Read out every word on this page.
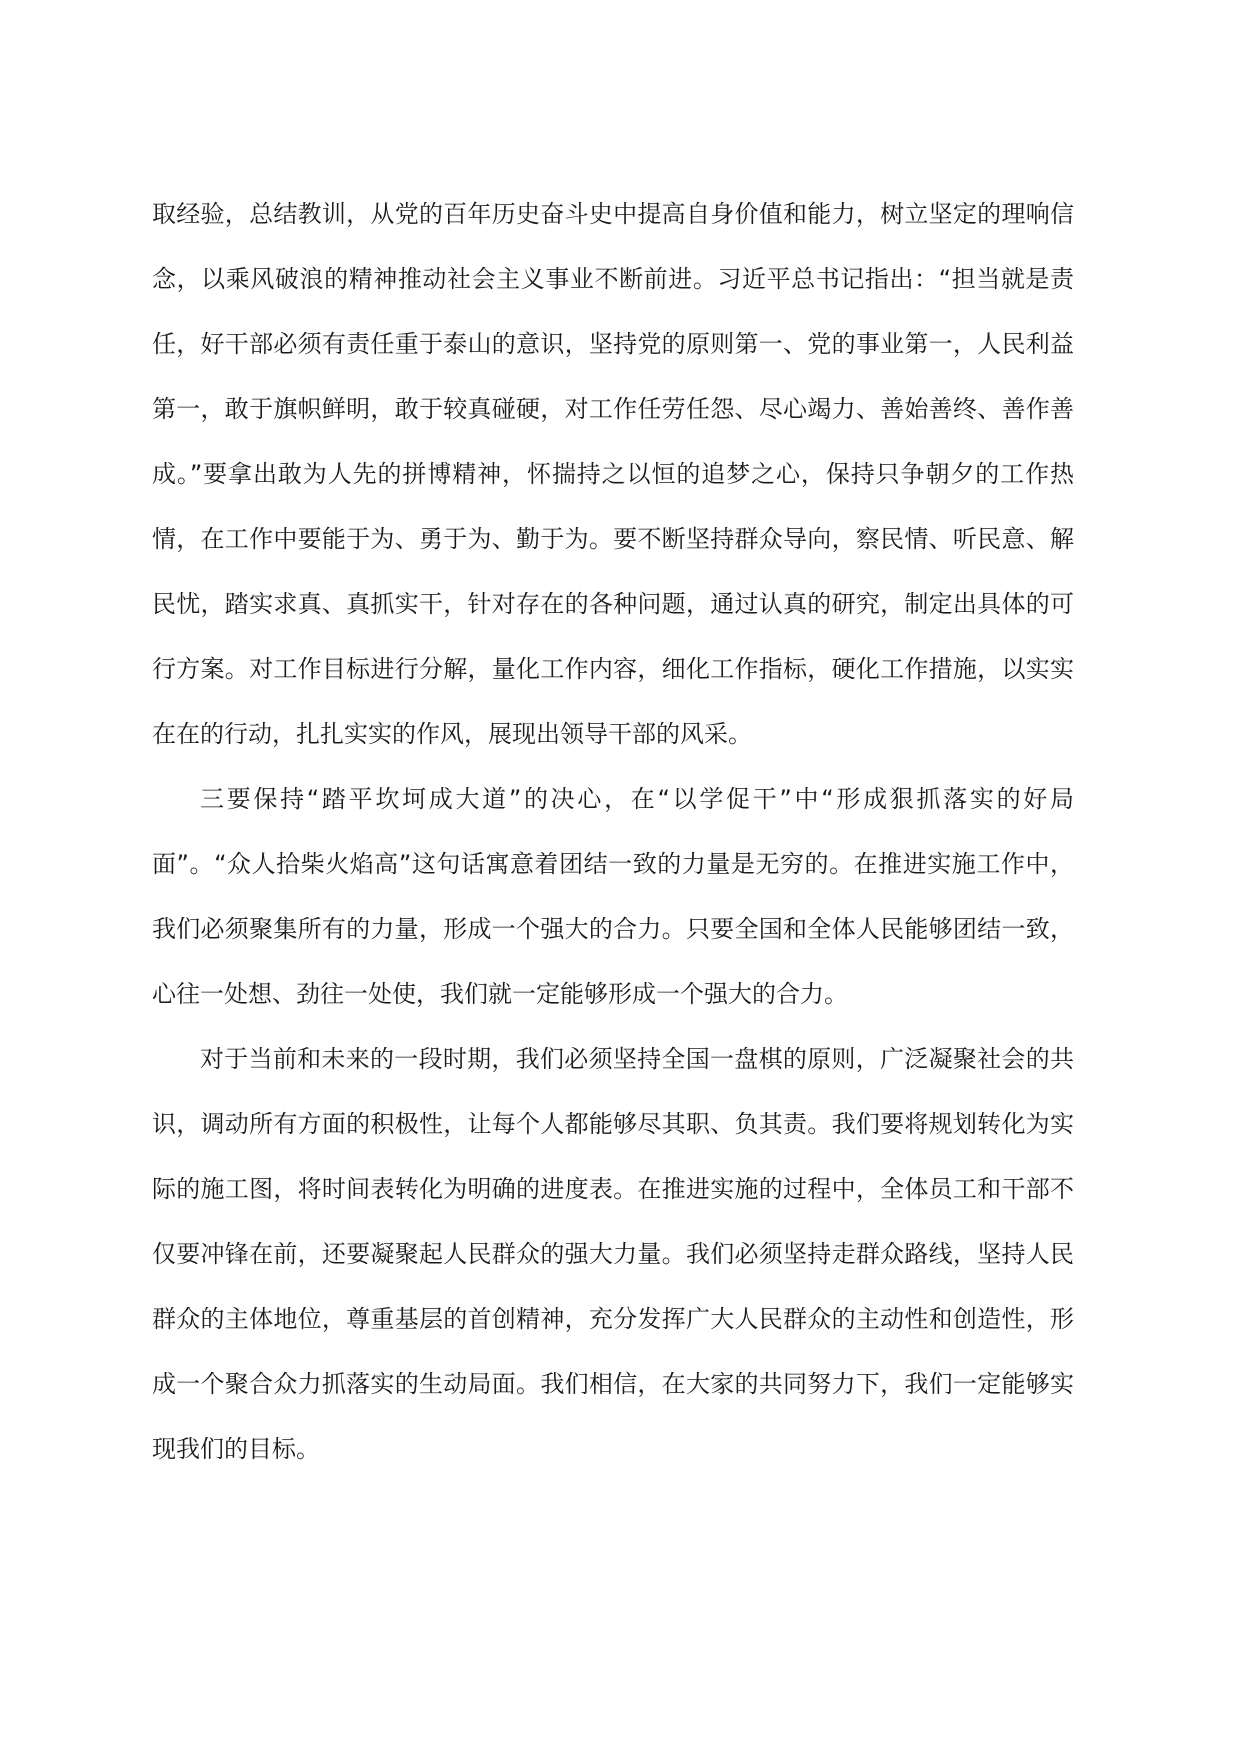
取经验，总结教训，从党的百年历史奋斗史中提高自身价值和能力，树立坚定的理响信念，以乘风破浪的精神推动社会主义事业不断前进。习近平总书记指出：“担当就是责任，好干部必须有责任重于泰山的意识，坚持党的原则第一、党的事业第一，人民利益第一，敢于旗帜鲜明，敢于较真碰硬，对工作任劳任怨、尽心竭力、善始善终、善作善成。”要拿出敢为人先的拼博精神，怀揣持之以恒的追梦之心，保持只争朝夕的工作热情，在工作中要能于为、勇于为、勤于为。要不断坚持群众导向，察民情、听民意、解民忧，踏实求真、真抓实干，针对存在的各种问题，通过认真的研究，制定出具体的可行方案。对工作目标进行分解，量化工作内容，细化工作指标，硬化工作措施，以实实在在的行动，扎扎实实的作风，展现出领导干部的风采。

三要保持“踏平坎坷成大道”的决心，在“以学促干”中“形成狠抓落实的好局面”。“众人拾柴火焰高”这句话寓意着团结一致的力量是无穷的。在推进实施工作中，我们必须聚集所有的力量，形成一个强大的合力。只要全国和全体人民能够团结一致，心往一处想、劲往一处使，我们就一定能够形成一个强大的合力。

对于当前和未来的一段时期，我们必须坚持全国一盘棋的原则，广泛凝聚社会的共识，调动所有方面的积极性，让每个人都能够尽其职、负其责。我们要将规划转化为实际的施工图，将时间表转化为明确的进度表。在推进实施的过程中，全体员工和干部不仅要冲锋在前，还要凝聚起人民群众的强大力量。我们必须坚持走群众路线，坚持人民群众的主体地位，尊重基层的首创精神，充分发挥广大人民群众的主动性和创造性，形成一个聚合众力抓落实的生动局面。我们相信，在大家的共同努力下，我们一定能够实现我们的目标。
